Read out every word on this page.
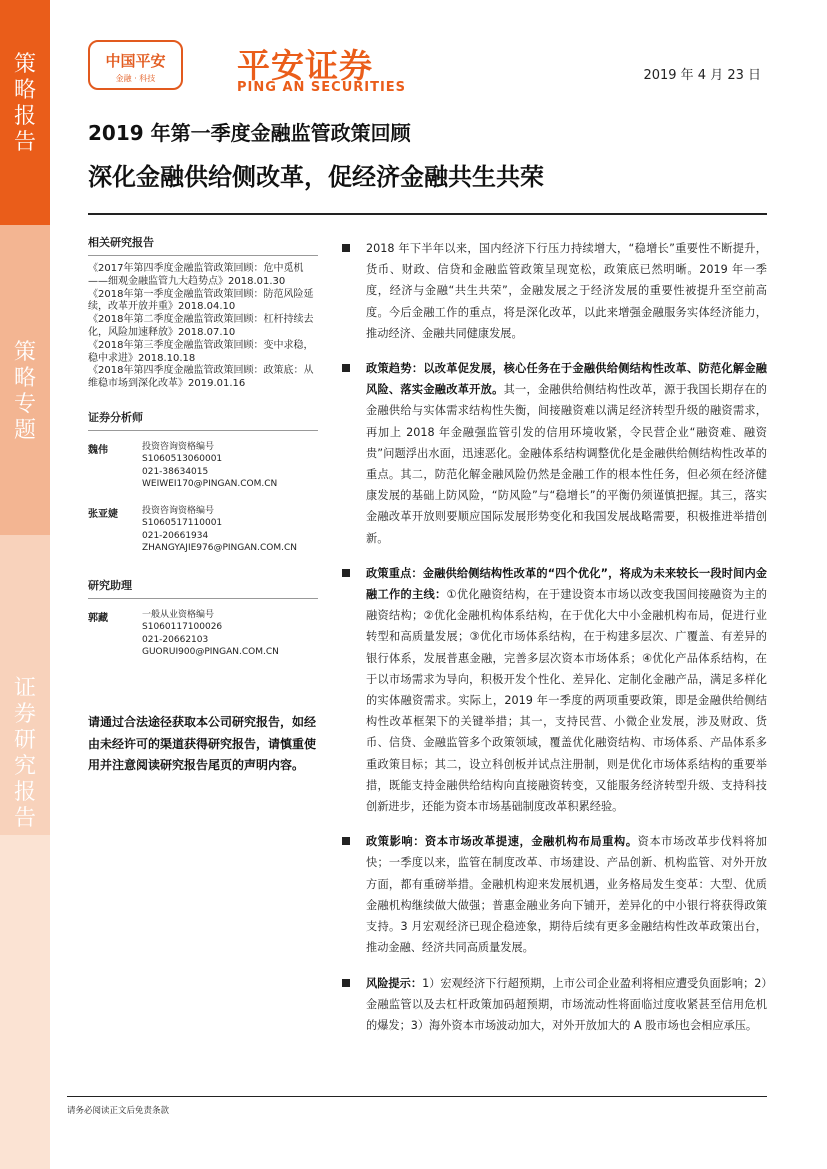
策
略
报
告
策
略
专
题
证
券
研
究
报
告
中国平安
金融 · 科技	平安证券
PING AN SECURITIES
2019 年 4 月 23 日
2019 年第一季度金融监管政策回顾
深化金融供给侧改革，促经济金融共生共荣
相关研究报告
《2017年第四季度金融监管政策回顾：危中觅机——细观金融监管九大趋势点》2018.01.30
《2018年第一季度金融监管政策回顾：防范风险延续，改革开放并重》2018.04.10
《2018年第二季度金融监管政策回顾：杠杆持续去化，风险加速释放》2018.07.10
《2018年第三季度金融监管政策回顾：变中求稳，稳中求进》2018.10.18
《2018年第四季度金融监管政策回顾：政策底：从维稳市场到深化改革》2019.01.16
证券分析师
魏伟	投资咨询资格编号
S1060513060001
021-38634015
WEIWEI170@PINGAN.COM.CN
张亚婕	投资咨询资格编号
S1060517110001
021-20661934
ZHANGYAJIE976@PINGAN.COM.CN
研究助理
郭藏	一般从业资格编号
S1060117100026
021-20662103
GUORUI900@PINGAN.COM.CN
请通过合法途径获取本公司研究报告，如经由未经许可的渠道获得研究报告，请慎重使用并注意阅读研究报告尾页的声明内容。
2018 年下半年以来，国内经济下行压力持续增大，“稳增长”重要性不断提升，货币、财政、信贷和金融监管政策呈现宽松，政策底已然明晰。2019 年一季度，经济与金融“共生共荣”，金融发展之于经济发展的重要性被提升至空前高度。今后金融工作的重点，将是深化改革，以此来增强金融服务实体经济能力，推动经济、金融共同健康发展。
政策趋势：以改革促发展，核心任务在于金融供给侧结构性改革、防范化解金融风险、落实金融改革开放。其一，金融供给侧结构性改革，源于我国长期存在的金融供给与实体需求结构性失衡，间接融资难以满足经济转型升级的融资需求，再加上 2018 年金融强监管引发的信用环境收紧，令民营企业“融资难、融资贵”问题浮出水面，迅速恶化。金融体系结构调整优化是金融供给侧结构性改革的重点。其二，防范化解金融风险仍然是金融工作的根本性任务，但必须在经济健康发展的基础上防风险，“防风险”与“稳增长”的平衡仍须谨慎把握。其三，落实金融改革开放则要顺应国际发展形势变化和我国发展战略需要，积极推进举措创新。
政策重点：金融供给侧结构性改革的“四个优化”，将成为未来较长一段时间内金融工作的主线：①优化融资结构，在于建设资本市场以改变我国间接融资为主的融资结构；②优化金融机构体系结构，在于优化大中小金融机构布局，促进行业转型和高质量发展；③优化市场体系结构，在于构建多层次、广覆盖、有差异的银行体系，发展普惠金融，完善多层次资本市场体系；④优化产品体系结构，在于以市场需求为导向，积极开发个性化、差异化、定制化金融产品，满足多样化的实体融资需求。实际上，2019 年一季度的两项重要政策，即是金融供给侧结构性改革框架下的关键举措；其一，支持民营、小微企业发展，涉及财政、货币、信贷、金融监管多个政策领域，覆盖优化融资结构、市场体系、产品体系多重政策目标；其二，设立科创板并试点注册制，则是优化市场体系结构的重要举措，既能支持金融供给结构向直接融资转变，又能服务经济转型升级、支持科技创新进步，还能为资本市场基础制度改革积累经验。
政策影响：资本市场改革提速，金融机构布局重构。资本市场改革步伐料将加快；一季度以来，监管在制度改革、市场建设、产品创新、机构监管、对外开放方面，都有重磅举措。金融机构迎来发展机遇，业务格局发生变革：大型、优质金融机构继续做大做强；普惠金融业务向下铺开，差异化的中小银行将获得政策支持。3 月宏观经济已现企稳迹象，期待后续有更多金融结构性改革政策出台，推动金融、经济共同高质量发展。
风险提示：1）宏观经济下行超预期，上市公司企业盈利将相应遭受负面影响；2）金融监管以及去杠杆政策加码超预期，市场流动性将面临过度收紧甚至信用危机的爆发；3）海外资本市场波动加大，对外开放加大的 A 股市场也会相应承压。
请务必阅读正文后免责条款
